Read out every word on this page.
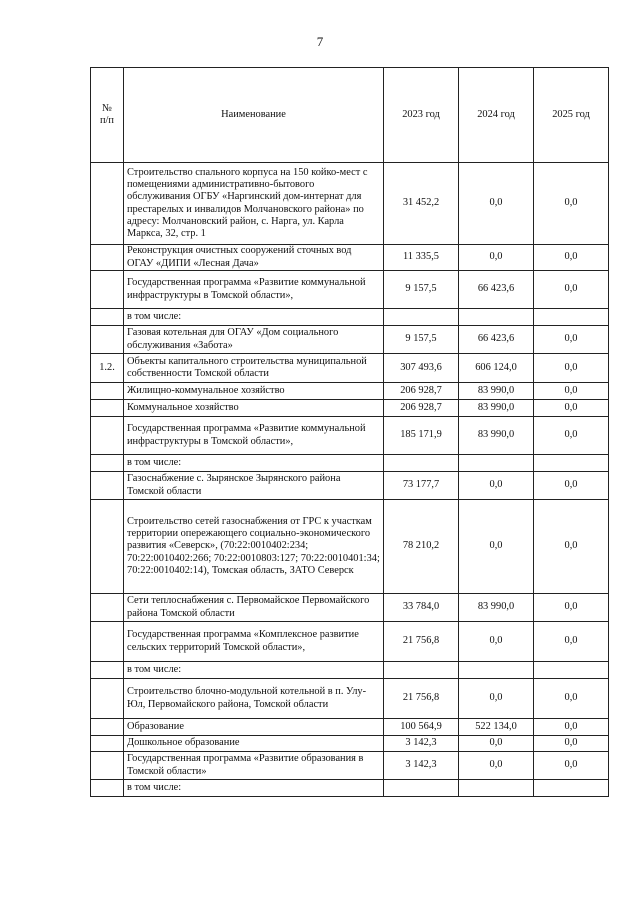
7
№
п/п	Наименование	2023 год	2024 год	2025 год
	Строительство спального корпуса на 150 койко-мест с помещениями административно-бытового обслуживания ОГБУ «Наргинский дом-интернат для престарелых и инвалидов Молчановского района» по адресу: Молчановский район, с. Нарга, ул. Карла Маркса, 32, стр. 1	31 452,2	0,0	0,0
	Реконструкция очистных сооружений сточных вод ОГАУ «ДИПИ «Лесная Дача»	11 335,5	0,0	0,0
	Государственная программа «Развитие коммунальной инфраструктуры в Томской области»,	9 157,5	66 423,6	0,0
	в том числе:			
	Газовая котельная для ОГАУ «Дом социального обслуживания «Забота»	9 157,5	66 423,6	0,0
1.2.	Объекты капитального строительства муниципальной собственности Томской области	307 493,6	606 124,0	0,0
	Жилищно-коммунальное хозяйство	206 928,7	83 990,0	0,0
	Коммунальное хозяйство	206 928,7	83 990,0	0,0
	Государственная программа «Развитие коммунальной инфраструктуры в Томской области»,	185 171,9	83 990,0	0,0
	в том числе:			
	Газоснабжение с. Зырянское Зырянского района Томской области	73 177,7	0,0	0,0
	Строительство сетей газоснабжения от ГРС к участкам территории опережающего социально-экономического развития «Северск», (70:22:0010402:234; 70:22:0010402:266; 70:22:0010803:127; 70:22:0010401:34; 70:22:0010402:14), Томская область, ЗАТО Северск	78 210,2	0,0	0,0
	Сети теплоснабжения с. Первомайское Первомайского района Томской области	33 784,0	83 990,0	0,0
	Государственная программа «Комплексное развитие сельских территорий Томской области»,	21 756,8	0,0	0,0
	в том числе:			
	Строительство блочно-модульной котельной в п. Улу-Юл, Первомайского района, Томской области	21 756,8	0,0	0,0
	Образование	100 564,9	522 134,0	0,0
	Дошкольное образование	3 142,3	0,0	0,0
	Государственная программа «Развитие образования в Томской области»	3 142,3	0,0	0,0
	в том числе:			
